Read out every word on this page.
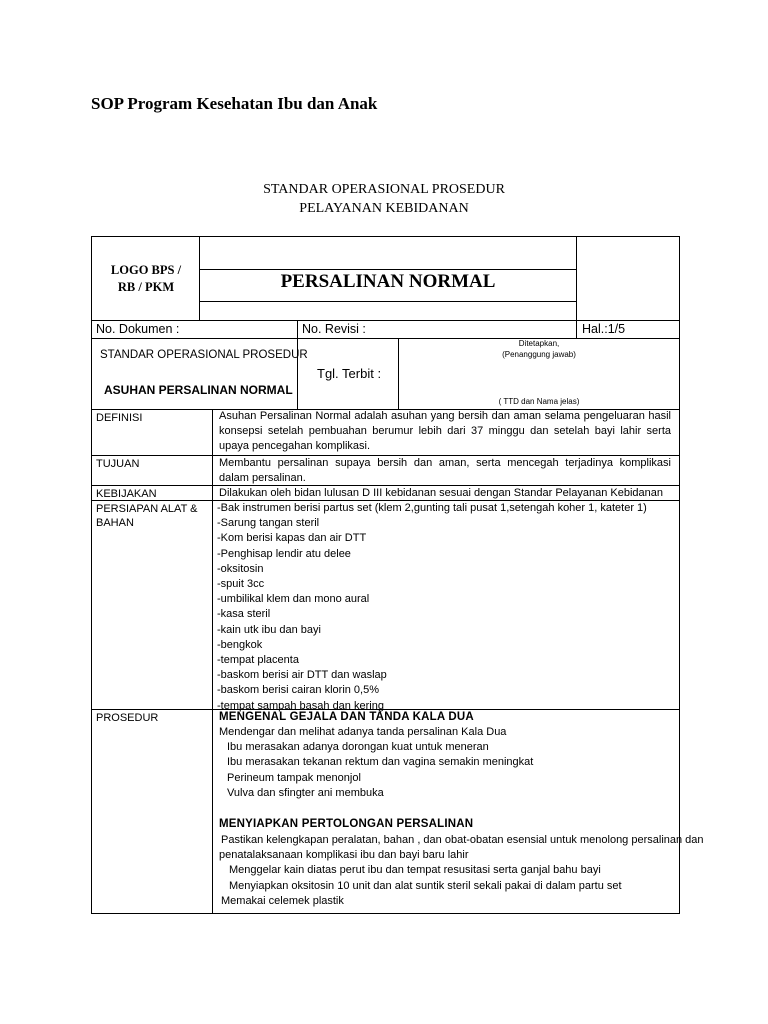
SOP Program Kesehatan Ibu dan Anak
STANDAR OPERASIONAL PROSEDUR
PELAYANAN KEBIDANAN
LOGO BPS /
RB / PKM	PERSALINAN NORMAL
No. Dokumen :	No. Revisi :	Hal.:1/5
STANDAR OPERASIONAL PROSEDUR
ASUHAN PERSALINAN NORMAL
Tgl. Terbit :
Ditetapkan,
(Penanggung jawab)
( TTD dan Nama jelas)
DEFINISI	Asuhan Persalinan Normal adalah asuhan yang bersih dan aman selama pengeluaran hasil konsepsi setelah pembuahan berumur lebih dari 37 minggu dan setelah bayi lahir serta upaya pencegahan komplikasi.
TUJUAN	Membantu persalinan supaya bersih dan aman, serta mencegah terjadinya komplikasi dalam persalinan.
KEBIJAKAN	Dilakukan oleh bidan lulusan D III kebidanan sesuai dengan Standar Pelayanan Kebidanan
PERSIAPAN ALAT &
BAHAN
-Bak instrumen berisi partus set (klem 2,gunting tali pusat 1,setengah koher 1, kateter 1)
-Sarung tangan steril
-Kom berisi kapas dan air DTT
-Penghisap lendir atu delee
-oksitosin
-spuit 3cc
-umbilikal klem dan mono aural
-kasa steril
-kain utk ibu dan bayi
-bengkok
-tempat placenta
-baskom berisi air DTT dan waslap
-baskom berisi cairan klorin 0,5%
-tempat sampah basah dan kering
PROSEDUR	MENGENAL GEJALA DAN TANDA KALA DUA
Mendengar dan melihat adanya tanda persalinan Kala Dua
Ibu merasakan adanya dorongan kuat untuk meneran
Ibu merasakan tekanan rektum dan vagina semakin meningkat
Perineum tampak menonjol
Vulva dan sfingter ani membuka
MENYIAPKAN PERTOLONGAN PERSALINAN
Pastikan kelengkapan peralatan, bahan , dan obat-obatan esensial untuk menolong persalinan dan
penatalaksanaan komplikasi ibu dan bayi baru lahir
Menggelar kain diatas perut ibu dan tempat resusitasi serta ganjal bahu bayi
Menyiapkan oksitosin 10 unit dan alat suntik steril sekali pakai di dalam partu set
Memakai celemek plastik
